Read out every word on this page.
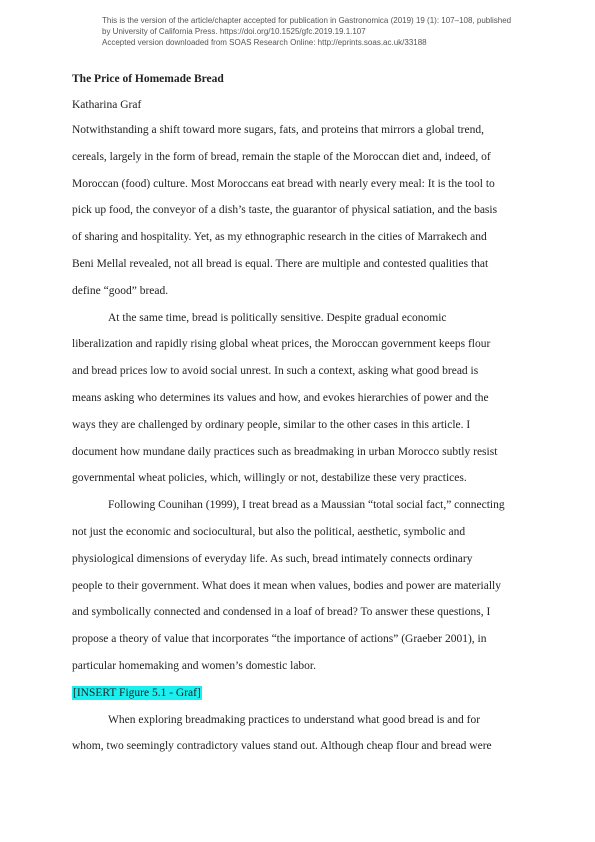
This is the version of the article/chapter accepted for publication in Gastronomica (2019) 19 (1): 107–108, published
by University of California Press. https://doi.org/10.1525/gfc.2019.19.1.107
Accepted version downloaded from SOAS Research Online: http://eprints.soas.ac.uk/33188

The Price of Homemade Bread

Katharina Graf
Notwithstanding a shift toward more sugars, fats, and proteins that mirrors a global trend,
cereals, largely in the form of bread, remain the staple of the Moroccan diet and, indeed, of
Moroccan (food) culture. Most Moroccans eat bread with nearly every meal: It is the tool to
pick up food, the conveyor of a dish’s taste, the guarantor of physical satiation, and the basis
of sharing and hospitality. Yet, as my ethnographic research in the cities of Marrakech and
Beni Mellal revealed, not all bread is equal. There are multiple and contested qualities that
define “good” bread.
At the same time, bread is politically sensitive. Despite gradual economic
liberalization and rapidly rising global wheat prices, the Moroccan government keeps flour
and bread prices low to avoid social unrest. In such a context, asking what good bread is
means asking who determines its values and how, and evokes hierarchies of power and the
ways they are challenged by ordinary people, similar to the other cases in this article. I
document how mundane daily practices such as breadmaking in urban Morocco subtly resist
governmental wheat policies, which, willingly or not, destabilize these very practices.
Following Counihan (1999), I treat bread as a Maussian “total social fact,” connecting
not just the economic and sociocultural, but also the political, aesthetic, symbolic and
physiological dimensions of everyday life. As such, bread intimately connects ordinary
people to their government. What does it mean when values, bodies and power are materially
and symbolically connected and condensed in a loaf of bread? To answer these questions, I
propose a theory of value that incorporates “the importance of actions” (Graeber 2001), in
particular homemaking and women’s domestic labor.
[INSERT Figure 5.1 - Graf]
When exploring breadmaking practices to understand what good bread is and for
whom, two seemingly contradictory values stand out. Although cheap flour and bread were
